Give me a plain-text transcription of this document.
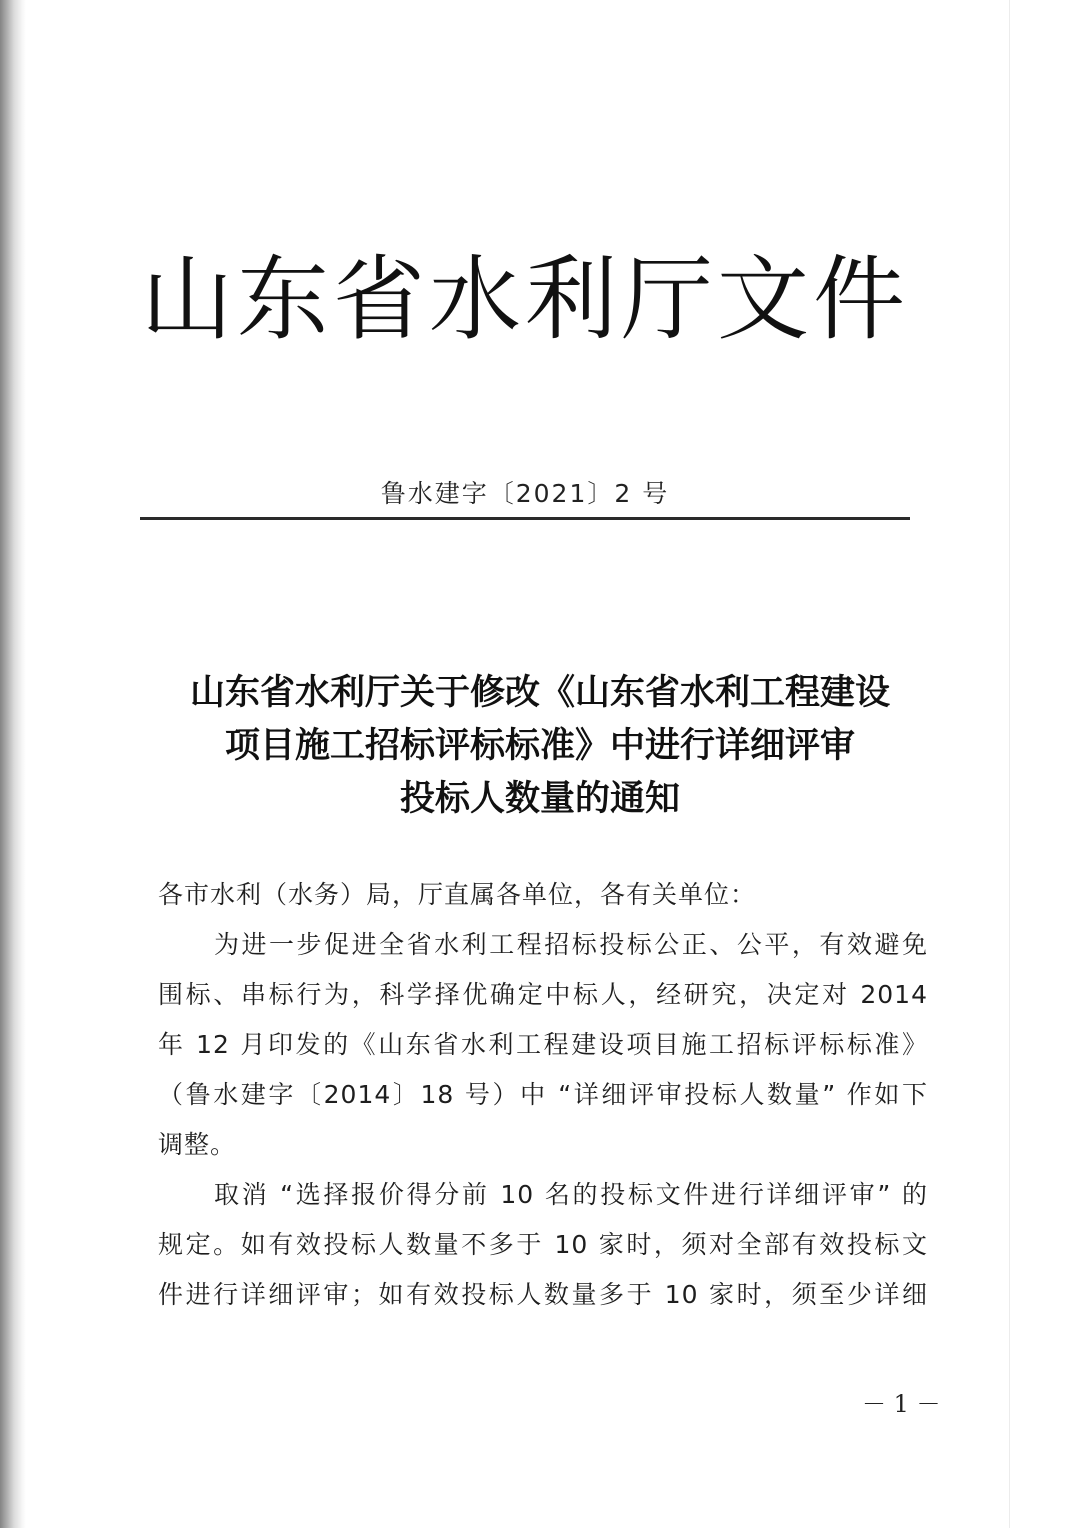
山东省水利厅文件
鲁水建字〔2021〕2 号
山东省水利厅关于修改《山东省水利工程建设
项目施工招标评标标准》中进行详细评审
投标人数量的通知
各市水利（水务）局，厅直属各单位，各有关单位：
为进一步促进全省水利工程招标投标公正、公平，有效避免
围标、串标行为，科学择优确定中标人，经研究，决定对 2014
年 12 月印发的《山东省水利工程建设项目施工招标评标标准》
（鲁水建字〔2014〕18 号）中 “详细评审投标人数量” 作如下
调整。
取消 “选择报价得分前 10 名的投标文件进行详细评审” 的
规定。如有效投标人数量不多于 10 家时，须对全部有效投标文
件进行详细评审；如有效投标人数量多于 10 家时，须至少详细
－ 1 －
